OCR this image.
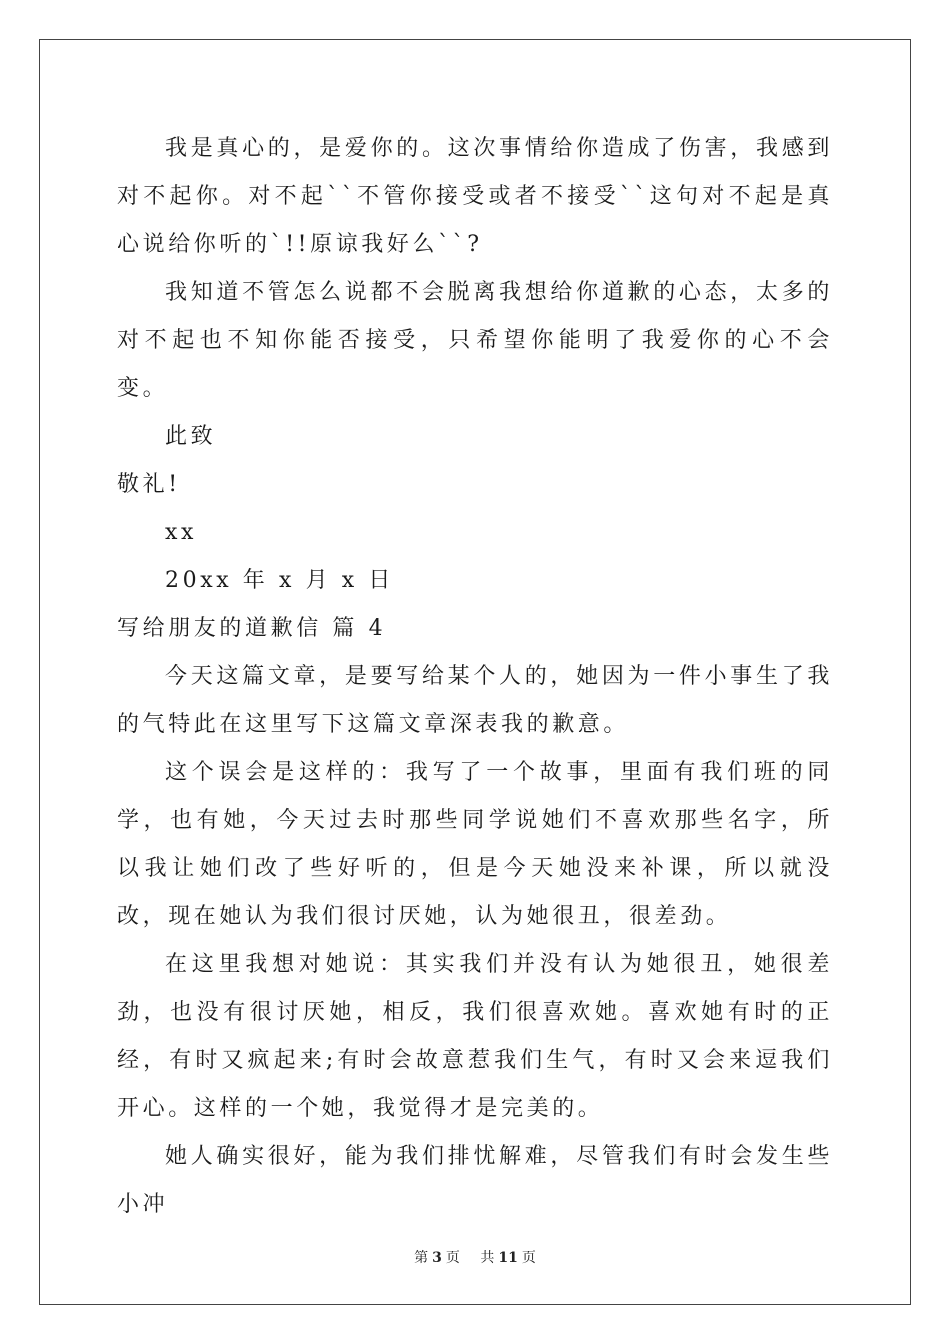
我是真心的，是爱你的。这次事情给你造成了伤害，我感到对不起你。对不起``不管你接受或者不接受``这句对不起是真心说给你听的`!!原谅我好么``?

我知道不管怎么说都不会脱离我想给你道歉的心态，太多的对不起也不知你能否接受，只希望你能明了我爱你的心不会变。

此致

敬礼!

xx

20xx 年 x 月 x 日

写给朋友的道歉信 篇 4

今天这篇文章，是要写给某个人的，她因为一件小事生了我的气特此在这里写下这篇文章深表我的歉意。

这个误会是这样的：我写了一个故事，里面有我们班的同学，也有她，今天过去时那些同学说她们不喜欢那些名字，所以我让她们改了些好听的，但是今天她没来补课，所以就没改，现在她认为我们很讨厌她，认为她很丑，很差劲。

在这里我想对她说：其实我们并没有认为她很丑，她很差劲，也没有很讨厌她，相反，我们很喜欢她。喜欢她有时的正经，有时又疯起来;有时会故意惹我们生气，有时又会来逗我们开心。这样的一个她，我觉得才是完美的。

她人确实很好，能为我们排忧解难，尽管我们有时会发生些小冲

第 3 页 共 11 页
